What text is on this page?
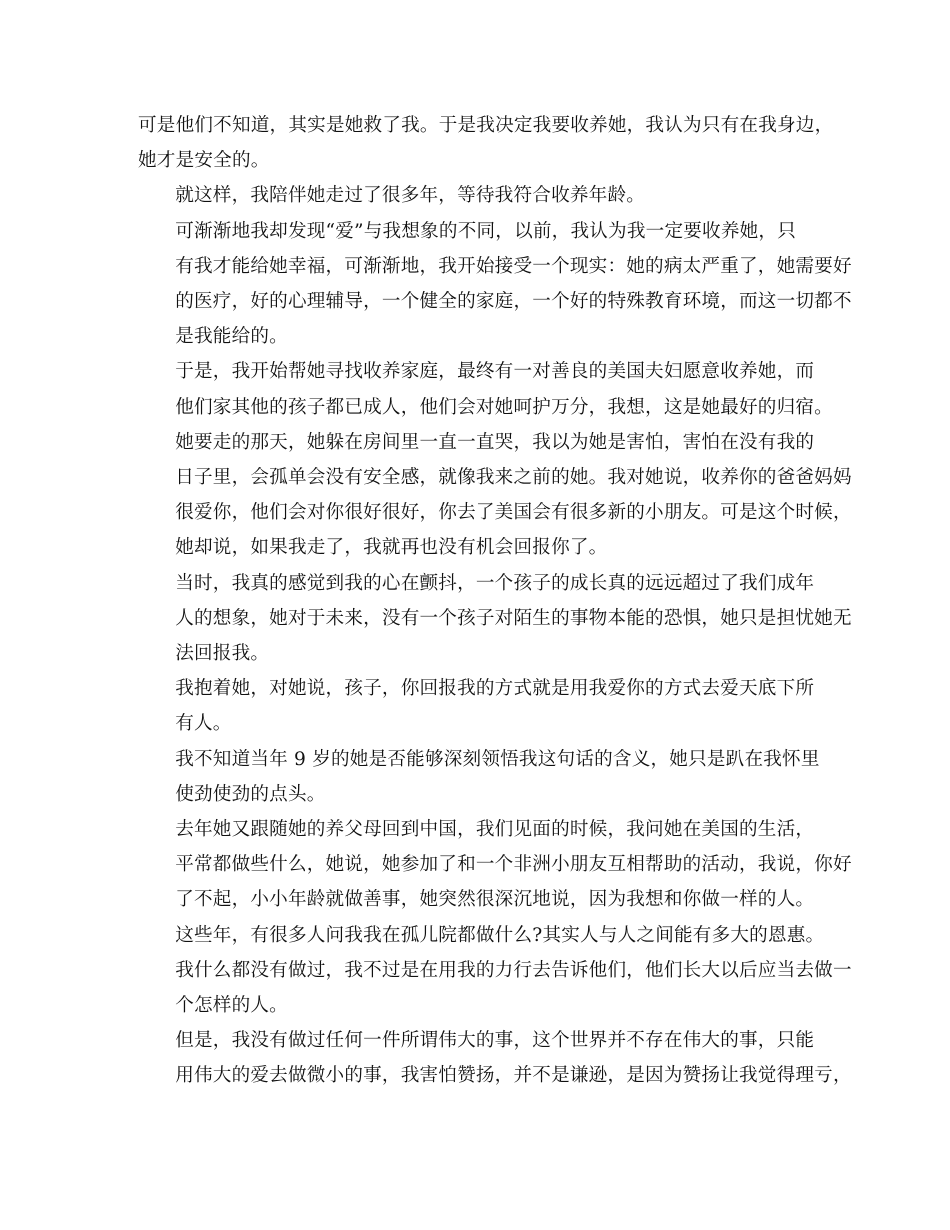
可是他们不知道，其实是她救了我。于是我决定我要收养她，我认为只有在我身边，
她才是安全的。
就这样，我陪伴她走过了很多年，等待我符合收养年龄。
可渐渐地我却发现“爱”与我想象的不同，以前，我认为我一定要收养她，只
有我才能给她幸福，可渐渐地，我开始接受一个现实：她的病太严重了，她需要好
的医疗，好的心理辅导，一个健全的家庭，一个好的特殊教育环境，而这一切都不
是我能给的。
于是，我开始帮她寻找收养家庭，最终有一对善良的美国夫妇愿意收养她，而
他们家其他的孩子都已成人，他们会对她呵护万分，我想，这是她最好的归宿。
她要走的那天，她躲在房间里一直一直哭，我以为她是害怕，害怕在没有我的
日子里，会孤单会没有安全感，就像我来之前的她。我对她说，收养你的爸爸妈妈
很爱你，他们会对你很好很好，你去了美国会有很多新的小朋友。可是这个时候，
她却说，如果我走了，我就再也没有机会回报你了。
当时，我真的感觉到我的心在颤抖，一个孩子的成长真的远远超过了我们成年
人的想象，她对于未来，没有一个孩子对陌生的事物本能的恐惧，她只是担忧她无
法回报我。
我抱着她，对她说，孩子，你回报我的方式就是用我爱你的方式去爱天底下所
有人。
我不知道当年 9 岁的她是否能够深刻领悟我这句话的含义，她只是趴在我怀里
使劲使劲的点头。
去年她又跟随她的养父母回到中国，我们见面的时候，我问她在美国的生活，
平常都做些什么，她说，她参加了和一个非洲小朋友互相帮助的活动，我说，你好
了不起，小小年龄就做善事，她突然很深沉地说，因为我想和你做一样的人。
这些年，有很多人问我我在孤儿院都做什么?其实人与人之间能有多大的恩惠。
我什么都没有做过，我不过是在用我的力行去告诉他们，他们长大以后应当去做一
个怎样的人。
但是，我没有做过任何一件所谓伟大的事，这个世界并不存在伟大的事，只能
用伟大的爱去做微小的事，我害怕赞扬，并不是谦逊，是因为赞扬让我觉得理亏，
